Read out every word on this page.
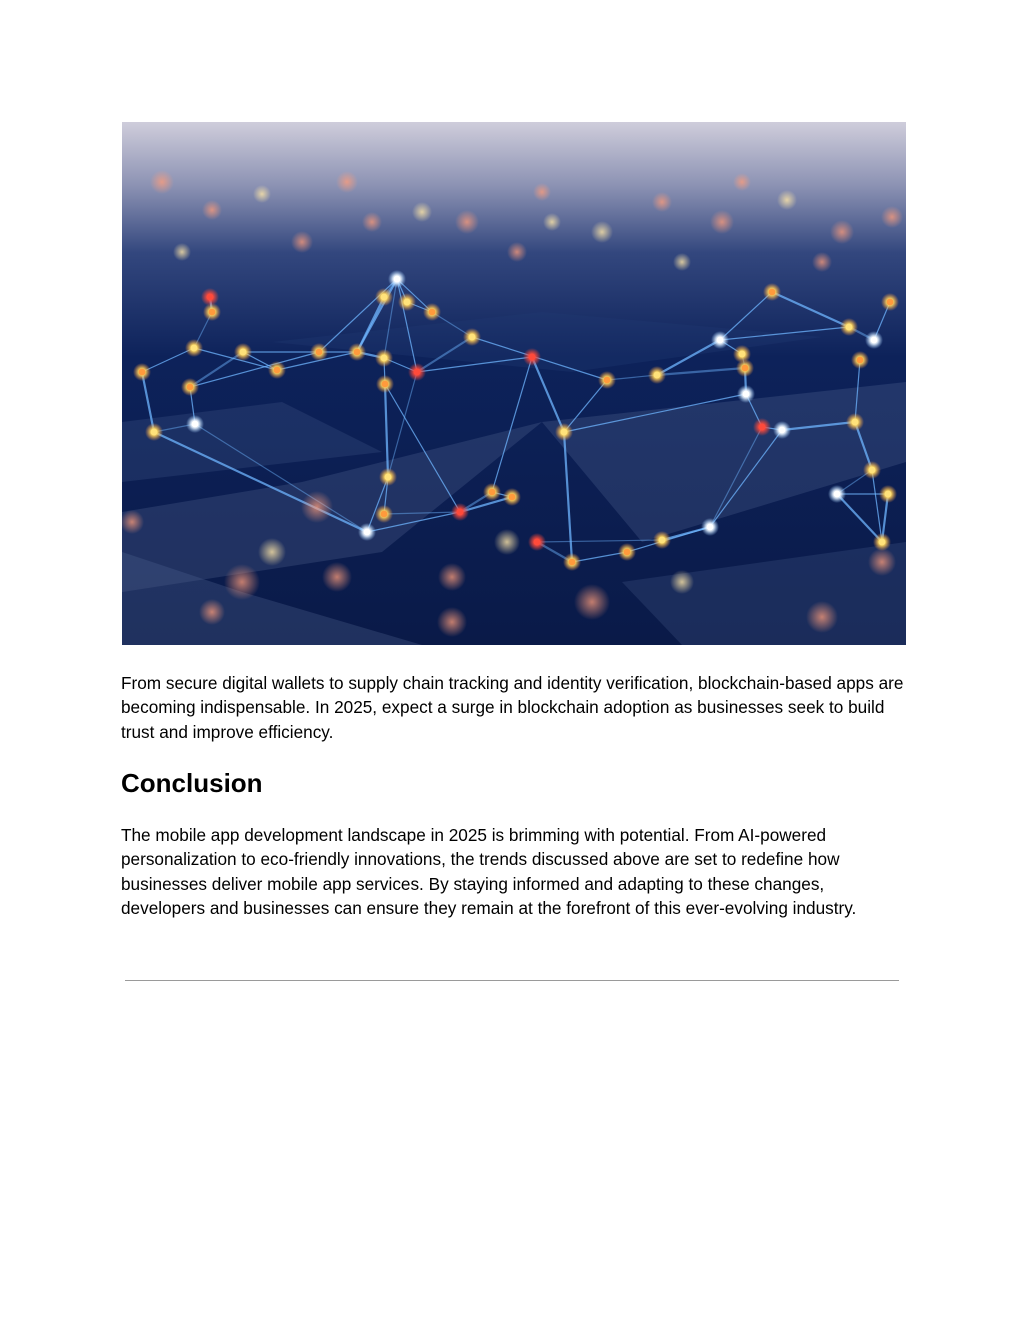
From secure digital wallets to supply chain tracking and identity verification, blockchain-based apps are becoming indispensable. In 2025, expect a surge in blockchain adoption as businesses seek to build trust and improve efficiency.

Conclusion

The mobile app development landscape in 2025 is brimming with potential. From AI-powered personalization to eco-friendly innovations, the trends discussed above are set to redefine how businesses deliver mobile app services. By staying informed and adapting to these changes, developers and businesses can ensure they remain at the forefront of this ever-evolving industry.
